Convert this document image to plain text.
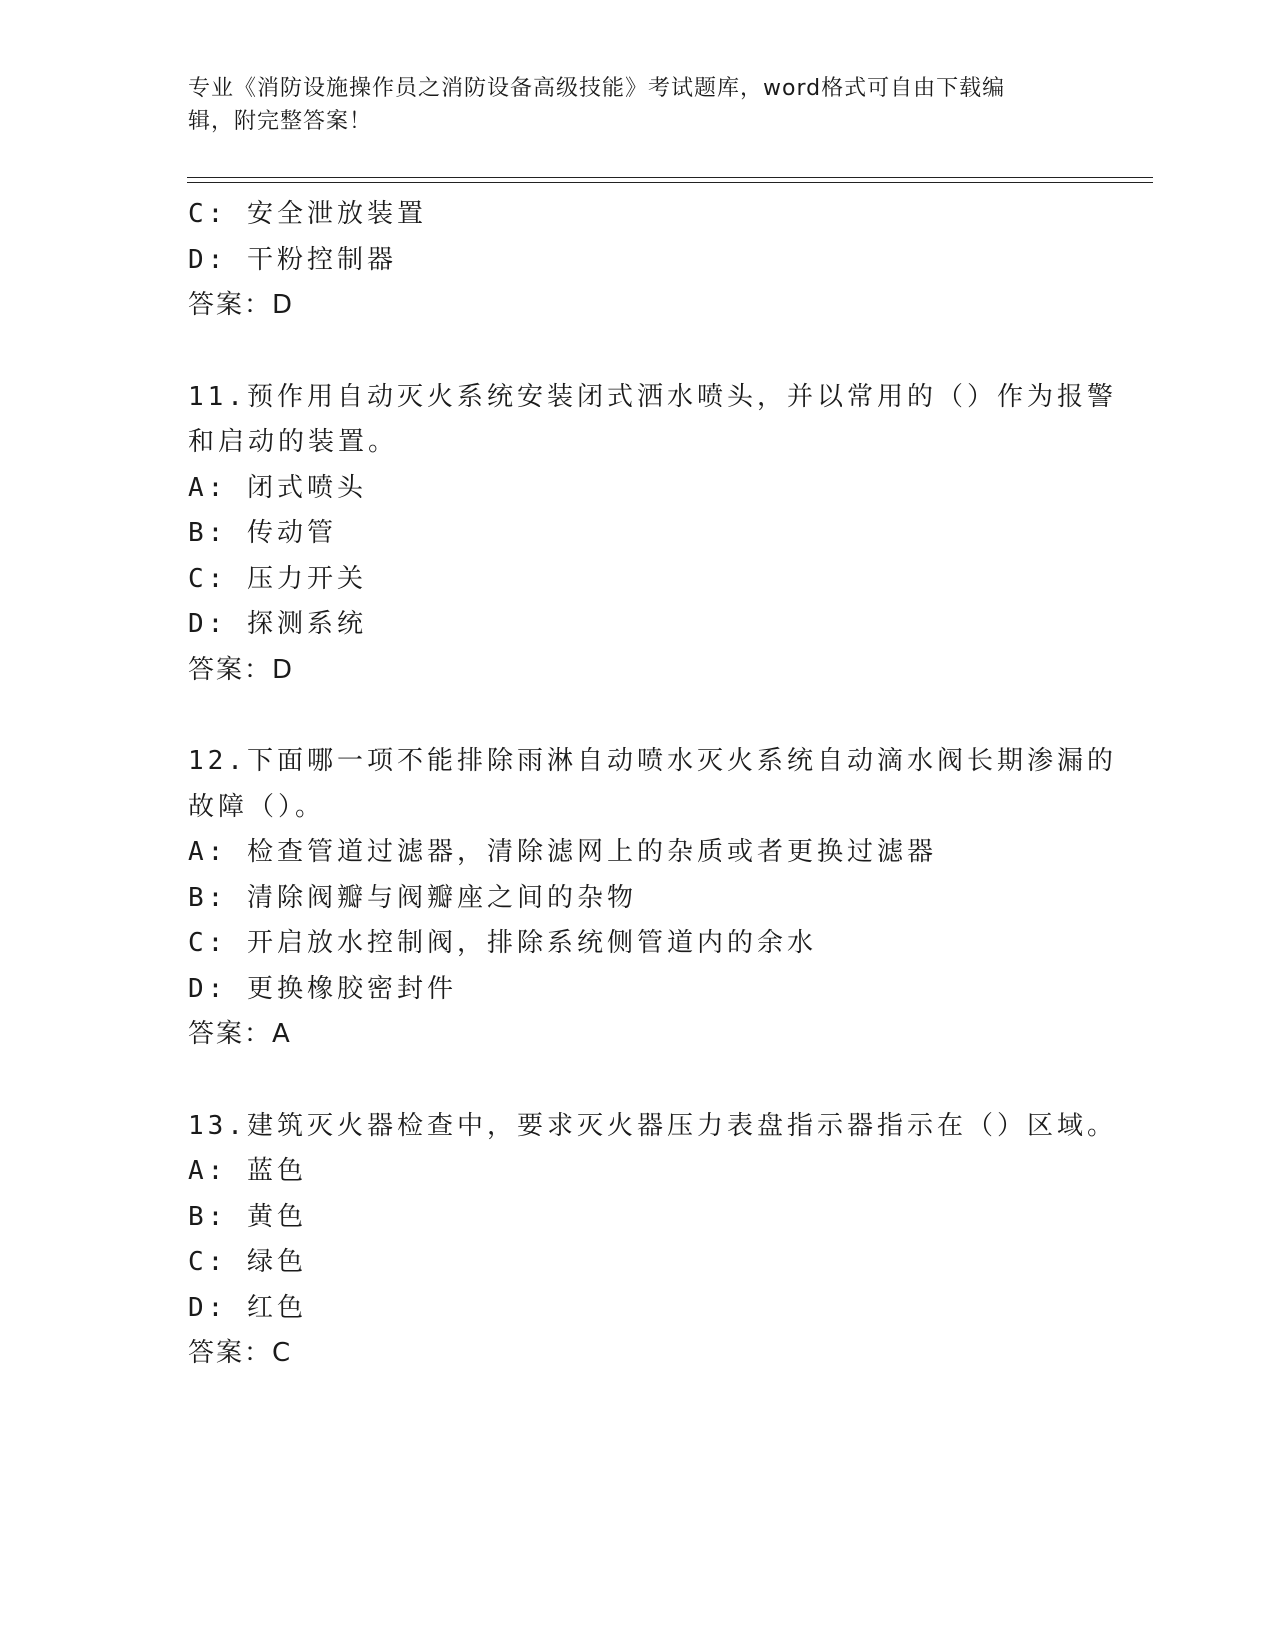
专业《消防设施操作员之消防设备高级技能》考试题库，word格式可自由下载编
辑，附完整答案！
C: 安全泄放装置
D: 干粉控制器
答案：D
11.预作用自动灭火系统安装闭式洒水喷头，并以常用的（）作为报警
和启动的装置。
A: 闭式喷头
B: 传动管
C: 压力开关
D: 探测系统
答案：D
12.下面哪一项不能排除雨淋自动喷水灭火系统自动滴水阀长期渗漏的
故障（）。
A: 检查管道过滤器，清除滤网上的杂质或者更换过滤器
B: 清除阀瓣与阀瓣座之间的杂物
C: 开启放水控制阀，排除系统侧管道内的余水
D: 更换橡胶密封件
答案：A
13.建筑灭火器检查中，要求灭火器压力表盘指示器指示在（）区域。
A: 蓝色
B: 黄色
C: 绿色
D: 红色
答案：C
